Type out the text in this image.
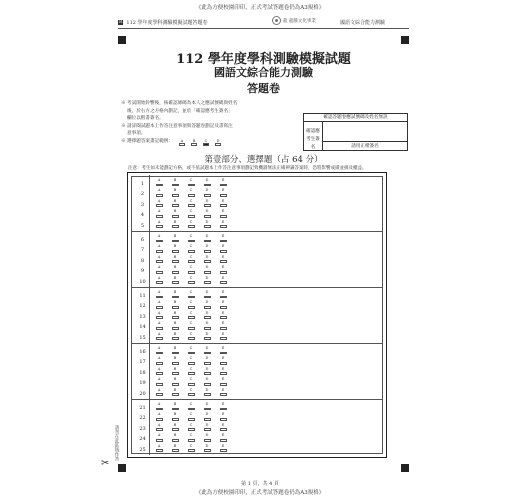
《此為方便校園印印，正式考試答題卷仍為A3規格》
R 112 學年度學科測驗模擬試題答題卷	龍 龍騰文化事業	國語文綜合能力測驗
112 學年度學科測驗模擬試題
國語文綜合能力測驗
答題卷
※ 考試開始鈴響後，核確認條碼為本人之應試號碼與姓名
後，於右方之方格內劃記，並於「確認應考生簽名」
欄位以楷書簽名。
※ 請詳閱試題本上作答注意事項與答題卷劃記及書寫注
意事項。
※ 選擇題答案畫記範例： A	B	C	D
確認答題卷應試號碼及姓名無誤
確認應
考生簽名	請用正楷簽名
第壹部分、選擇題（占 64 分）
注意：考生如未能劃記方格，或不依試題本上作答注意事項劃記致機器無法正確辨識答案時，恐將影響成績並損及權益。
1
A	B	C	D	E
2
A	B	C	D	E
3
A	B	C	D	E
4
A	B	C	D	E
5
A	B	C	D	E
6
A	B	C	D	E
7
A	B	C	D	E
8
A	B	C	D	E
9
A	B	C	D	E
10
A	B	C	D	E
11
A	B	C	D	E
12
A	B	C	D	E
13
A	B	C	D	E
14
A	B	C	D	E
15
A	B	C	D	E
16
A	B	C	D	E
17
A	B	C	D	E
18
A	B	C	D	E
19
A	B	C	D	E
20
A	B	C	D	E
21
A	B	C	D	E
22
A	B	C	D	E
23
A	B	C	D	E
24
A	B	C	D	E
25
A	B	C	D	E
請勿在此區域作答
✂
第 1 頁，共 4 頁
《此為方便校園印印，正式考試答題卷仍為A3規格》
